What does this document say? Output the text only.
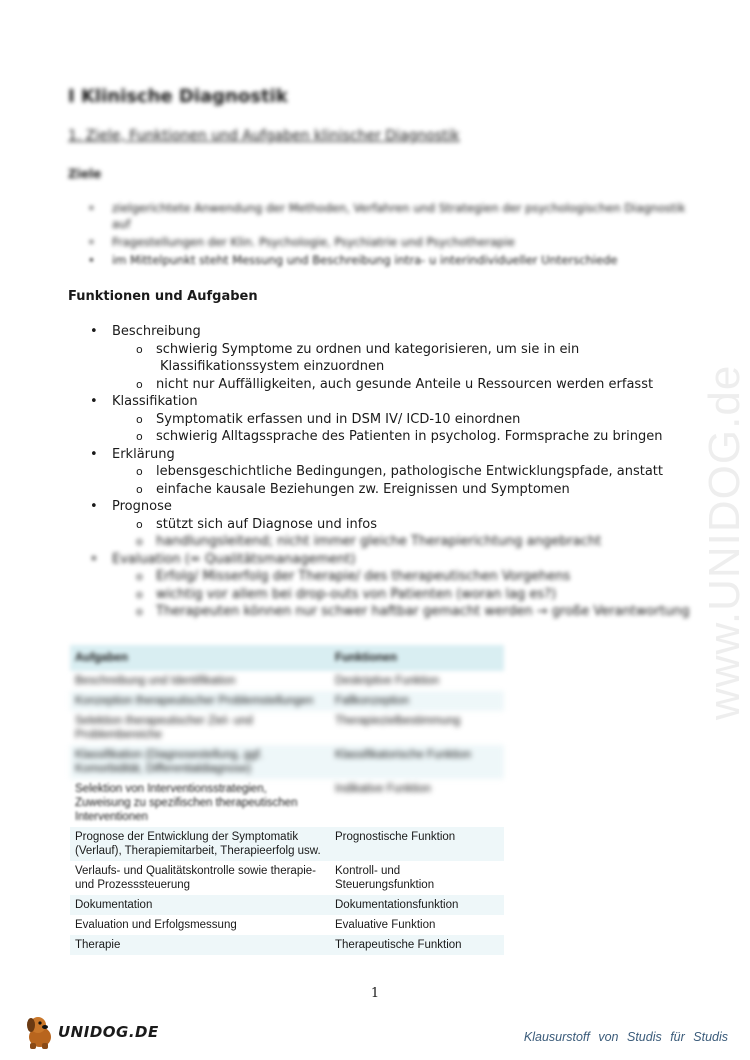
www.UNIDOG.de
I Klinische Diagnostik
1. Ziele, Funktionen und Aufgaben klinischer Diagnostik
Ziele
• zielgerichtete Anwendung der Methoden, Verfahren und Strategien der psychologischen Diagnostik auf
• Fragestellungen der Klin. Psychologie, Psychiatrie und Psychotherapie
• im Mittelpunkt steht Messung und Beschreibung intra- u interindividueller Unterschiede
Funktionen und Aufgaben
• Beschreibung
o schwierig Symptome zu ordnen und kategorisieren, um sie in ein
Klassifikationssystem einzuordnen
o nicht nur Auffälligkeiten, auch gesunde Anteile u Ressourcen werden erfasst
• Klassifikation
o Symptomatik erfassen und in DSM IV/ ICD-10 einordnen
o schwierig Alltagssprache des Patienten in psycholog. Formsprache zu bringen
• Erklärung
o lebensgeschichtliche Bedingungen, pathologische Entwicklungspfade, anstatt
o einfache kausale Beziehungen zw. Ereignissen und Symptomen
• Prognose
o stützt sich auf Diagnose und infos
o handlungsleitend; nicht immer gleiche Therapierichtung angebracht
• Evaluation (= Qualitätsmanagement)
o Erfolg/ Misserfolg der Therapie/ des therapeutischen Vorgehens
o wichtig vor allem bei drop-outs von Patienten (woran lag es?)
o Therapeuten können nur schwer haftbar gemacht werden → große Verantwortung
Aufgaben	Funktionen
Beschreibung und Identifikation	Deskriptive Funktion
Konzeption therapeutischer Problemstellungen	Fallkonzeption
Selektion therapeutischer Ziel- und Problembereiche	Therapiezielbestimmung
Klassifikation (Diagnosestellung, ggf. Komorbidität, Differentialdiagnose)	Klassifikatorische Funktion
Selektion von Interventionsstrategien, Zuweisung zu spezifischen therapeutischen Interventionen	Indikative Funktion
Prognose der Entwicklung der Symptomatik (Verlauf), Therapiemitarbeit, Therapieerfolg usw.	Prognostische Funktion
Verlaufs- und Qualitätskontrolle sowie therapie- und Prozesssteuerung	Kontroll- und Steuerungsfunktion
Dokumentation	Dokumentationsfunktion
Evaluation und Erfolgsmessung	Evaluative Funktion
Therapie	Therapeutische Funktion
1
UNIDOG.DE	Klausurstoff von Studis für Studis
